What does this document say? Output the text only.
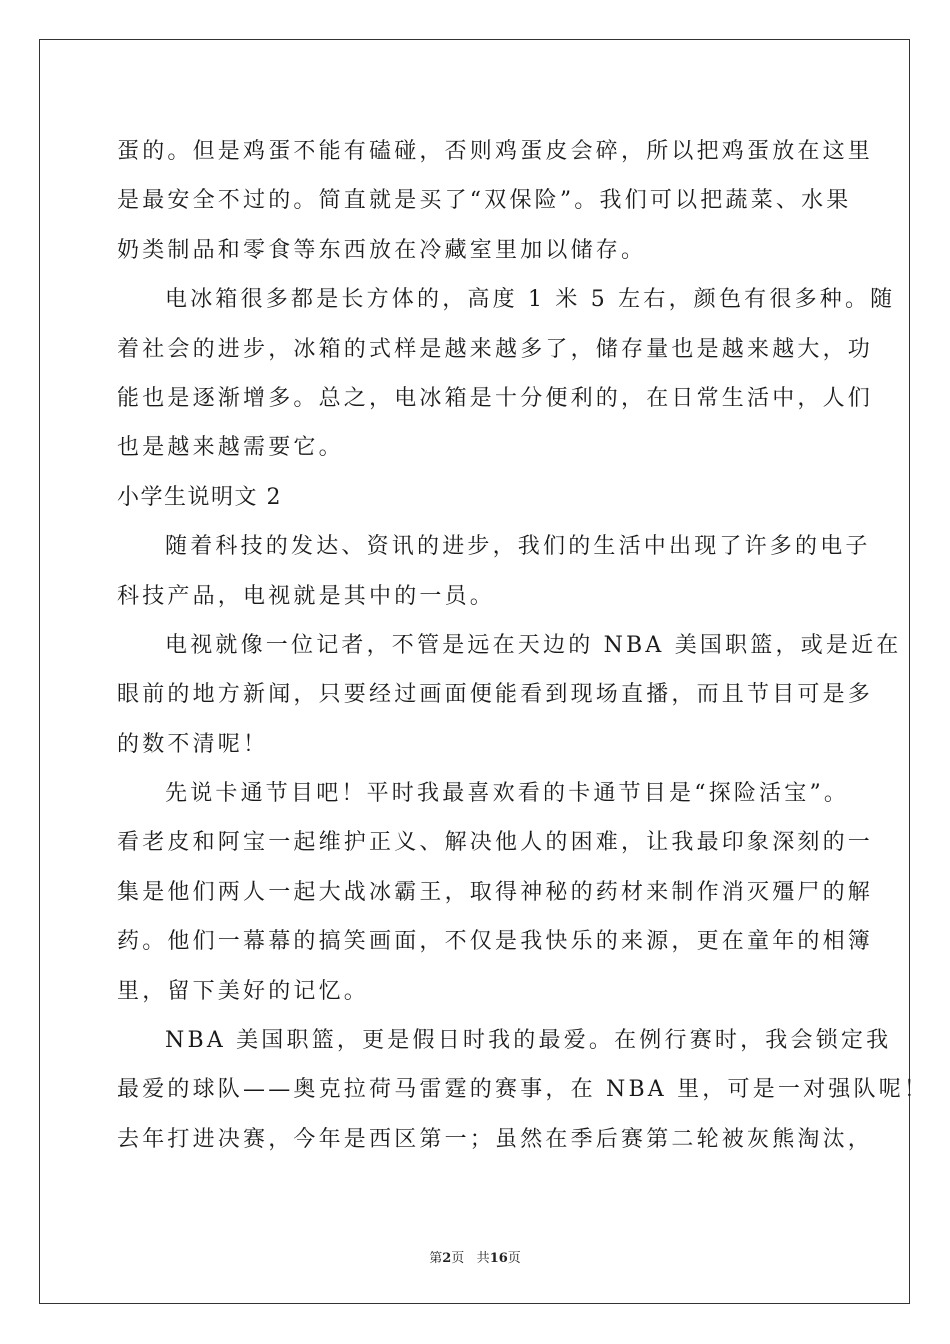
蛋的。但是鸡蛋不能有磕碰，否则鸡蛋皮会碎，所以把鸡蛋放在这里
是最安全不过的。简直就是买了“双保险”。我们可以把蔬菜、水果
奶类制品和零食等东西放在冷藏室里加以储存。
电冰箱很多都是长方体的，高度 1 米 5 左右，颜色有很多种。随
着社会的进步，冰箱的式样是越来越多了，储存量也是越来越大，功
能也是逐渐增多。总之，电冰箱是十分便利的，在日常生活中，人们
也是越来越需要它。
小学生说明文 2
随着科技的发达、资讯的进步，我们的生活中出现了许多的电子
科技产品，电视就是其中的一员。
电视就像一位记者，不管是远在天边的 NBA 美国职篮，或是近在
眼前的地方新闻，只要经过画面便能看到现场直播，而且节目可是多
的数不清呢！
先说卡通节目吧！平时我最喜欢看的卡通节目是“探险活宝”。
看老皮和阿宝一起维护正义、解决他人的困难，让我最印象深刻的一
集是他们两人一起大战冰霸王，取得神秘的药材来制作消灭殭尸的解
药。他们一幕幕的搞笑画面，不仅是我快乐的来源，更在童年的相簿
里，留下美好的记忆。
NBA 美国职篮，更是假日时我的最爱。在例行赛时，我会锁定我
最爱的球队——奥克拉荷马雷霆的赛事，在 NBA 里，可是一对强队呢！
去年打进决赛，今年是西区第一；虽然在季后赛第二轮被灰熊淘汰，
第2页 共16页
